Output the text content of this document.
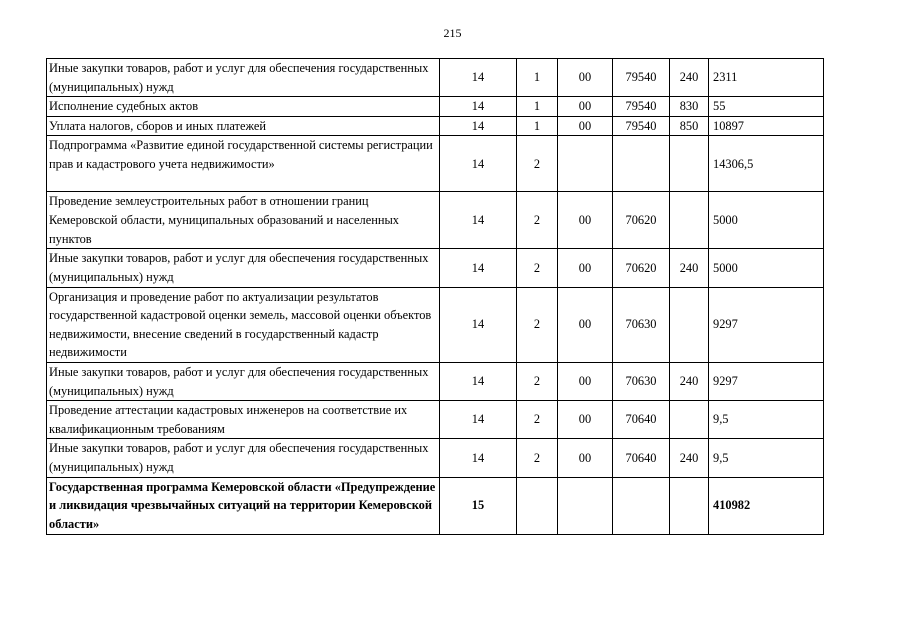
215
Иные закупки товаров, работ и услуг для обеспечения государственных (муниципальных) нужд	14	1	00	79540	240	2311
Исполнение судебных актов	14	1	00	79540	830	55
Уплата налогов, сборов и иных платежей	14	1	00	79540	850	10897
Подпрограмма «Развитие единой государственной системы регистрации прав и кадастрового учета недвижимости»	14	2				14306,5
Проведение землеустроительных работ в отношении границ Кемеровской области, муниципальных образований и населенных пунктов	14	2	00	70620		5000
Иные закупки товаров, работ и услуг для обеспечения государственных (муниципальных) нужд	14	2	00	70620	240	5000
Организация и проведение работ по актуализации результатов государственной кадастровой оценки земель, массовой оценки объектов недвижимости, внесение сведений в государственный кадастр недвижимости	14	2	00	70630		9297
Иные закупки товаров, работ и услуг для обеспечения государственных (муниципальных) нужд	14	2	00	70630	240	9297
Проведение аттестации кадастровых инженеров на соответствие их квалификационным требованиям	14	2	00	70640		9,5
Иные закупки товаров, работ и услуг для обеспечения государственных (муниципальных) нужд	14	2	00	70640	240	9,5
Государственная программа Кемеровской области «Предупреждение и ликвидация чрезвычайных ситуаций на территории Кемеровской области»	15					410982
